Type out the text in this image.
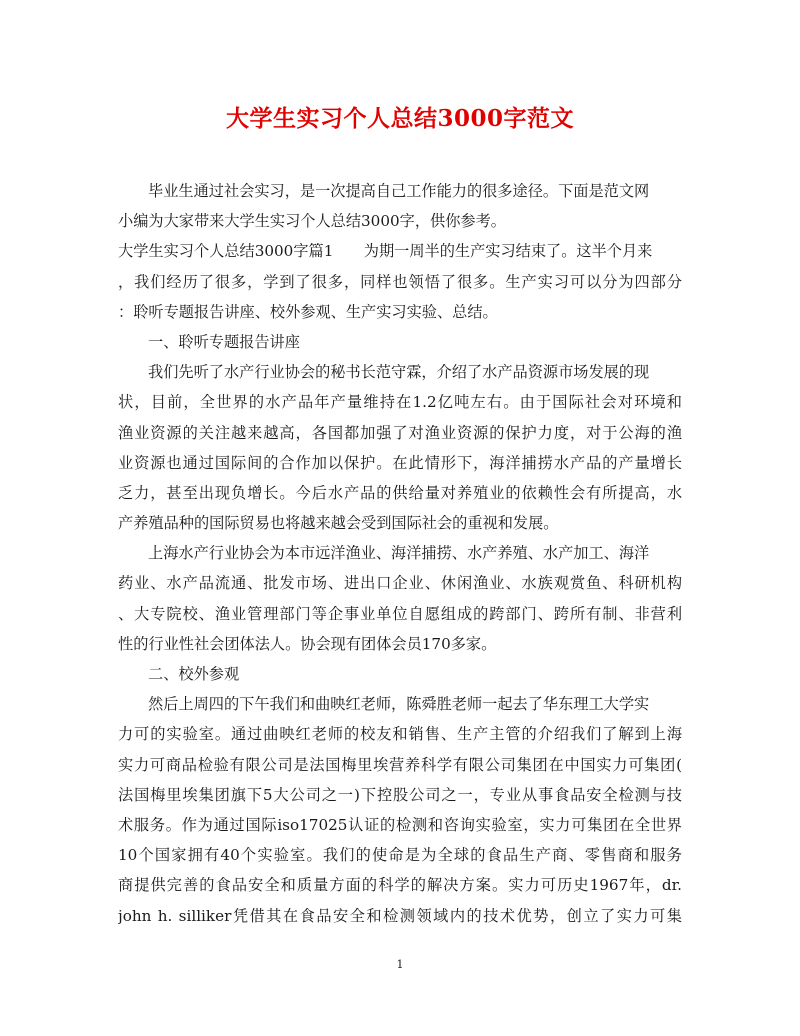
大学生实习个人总结3000字范文
毕业生通过社会实习，是一次提高自己工作能力的很多途径。下面是范文网
小编为大家带来大学生实习个人总结3000字，供你参考。
大学生实习个人总结3000字篇1　　为期一周半的生产实习结束了。这半个月来
，我们经历了很多，学到了很多，同样也领悟了很多。生产实习可以分为四部分
：聆听专题报告讲座、校外参观、生产实习实验、总结。
一、聆听专题报告讲座
我们先听了水产行业协会的秘书长范守霖，介绍了水产品资源市场发展的现
状，目前，全世界的水产品年产量维持在1.2亿吨左右。由于国际社会对环境和
渔业资源的关注越来越高，各国都加强了对渔业资源的保护力度，对于公海的渔
业资源也通过国际间的合作加以保护。在此情形下，海洋捕捞水产品的产量增长
乏力，甚至出现负增长。今后水产品的供给量对养殖业的依赖性会有所提高，水
产养殖品种的国际贸易也将越来越会受到国际社会的重视和发展。
上海水产行业协会为本市远洋渔业、海洋捕捞、水产养殖、水产加工、海洋
药业、水产品流通、批发市场、进出口企业、休闲渔业、水族观赏鱼、科研机构
、大专院校、渔业管理部门等企事业单位自愿组成的跨部门、跨所有制、非营利
性的行业性社会团体法人。协会现有团体会员170多家。
二、校外参观
然后上周四的下午我们和曲映红老师，陈舜胜老师一起去了华东理工大学实
力可的实验室。通过曲映红老师的校友和销售、生产主管的介绍我们了解到上海
实力可商品检验有限公司是法国梅里埃营养科学有限公司集团在中国实力可集团(
法国梅里埃集团旗下5大公司之一)下控股公司之一，专业从事食品安全检测与技
术服务。作为通过国际iso17025认证的检测和咨询实验室，实力可集团在全世界
10个国家拥有40个实验室。我们的使命是为全球的食品生产商、零售商和服务
商提供完善的食品安全和质量方面的科学的解决方案。实力可历史1967年，dr.
john h. silliker凭借其在食品安全和检测领域内的技术优势，创立了实力可集
1
